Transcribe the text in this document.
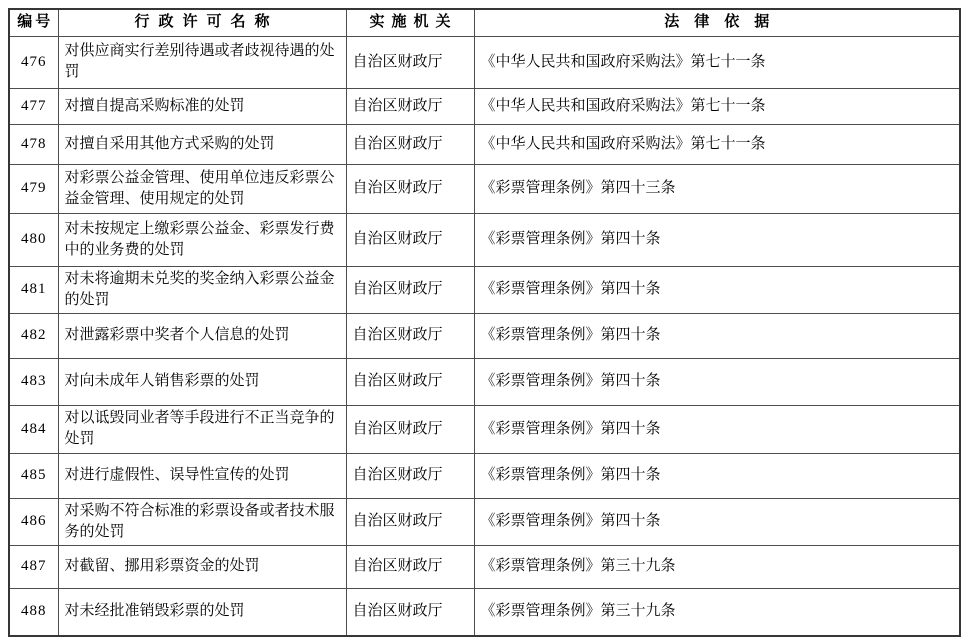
编号	行政许可名称	实施机关	法律依据
476	对供应商实行差别待遇或者歧视待遇的处罚	自治区财政厅	《中华人民共和国政府采购法》第七十一条
477	对擅自提高采购标准的处罚	自治区财政厅	《中华人民共和国政府采购法》第七十一条
478	对擅自采用其他方式采购的处罚	自治区财政厅	《中华人民共和国政府采购法》第七十一条
479	对彩票公益金管理、使用单位违反彩票公益金管理、使用规定的处罚	自治区财政厅	《彩票管理条例》第四十三条
480	对未按规定上缴彩票公益金、彩票发行费中的业务费的处罚	自治区财政厅	《彩票管理条例》第四十条
481	对未将逾期未兑奖的奖金纳入彩票公益金的处罚	自治区财政厅	《彩票管理条例》第四十条
482	对泄露彩票中奖者个人信息的处罚	自治区财政厅	《彩票管理条例》第四十条
483	对向未成年人销售彩票的处罚	自治区财政厅	《彩票管理条例》第四十条
484	对以诋毁同业者等手段进行不正当竞争的处罚	自治区财政厅	《彩票管理条例》第四十条
485	对进行虚假性、误导性宣传的处罚	自治区财政厅	《彩票管理条例》第四十条
486	对采购不符合标准的彩票设备或者技术服务的处罚	自治区财政厅	《彩票管理条例》第四十条
487	对截留、挪用彩票资金的处罚	自治区财政厅	《彩票管理条例》第三十九条
488	对未经批准销毁彩票的处罚	自治区财政厅	《彩票管理条例》第三十九条
